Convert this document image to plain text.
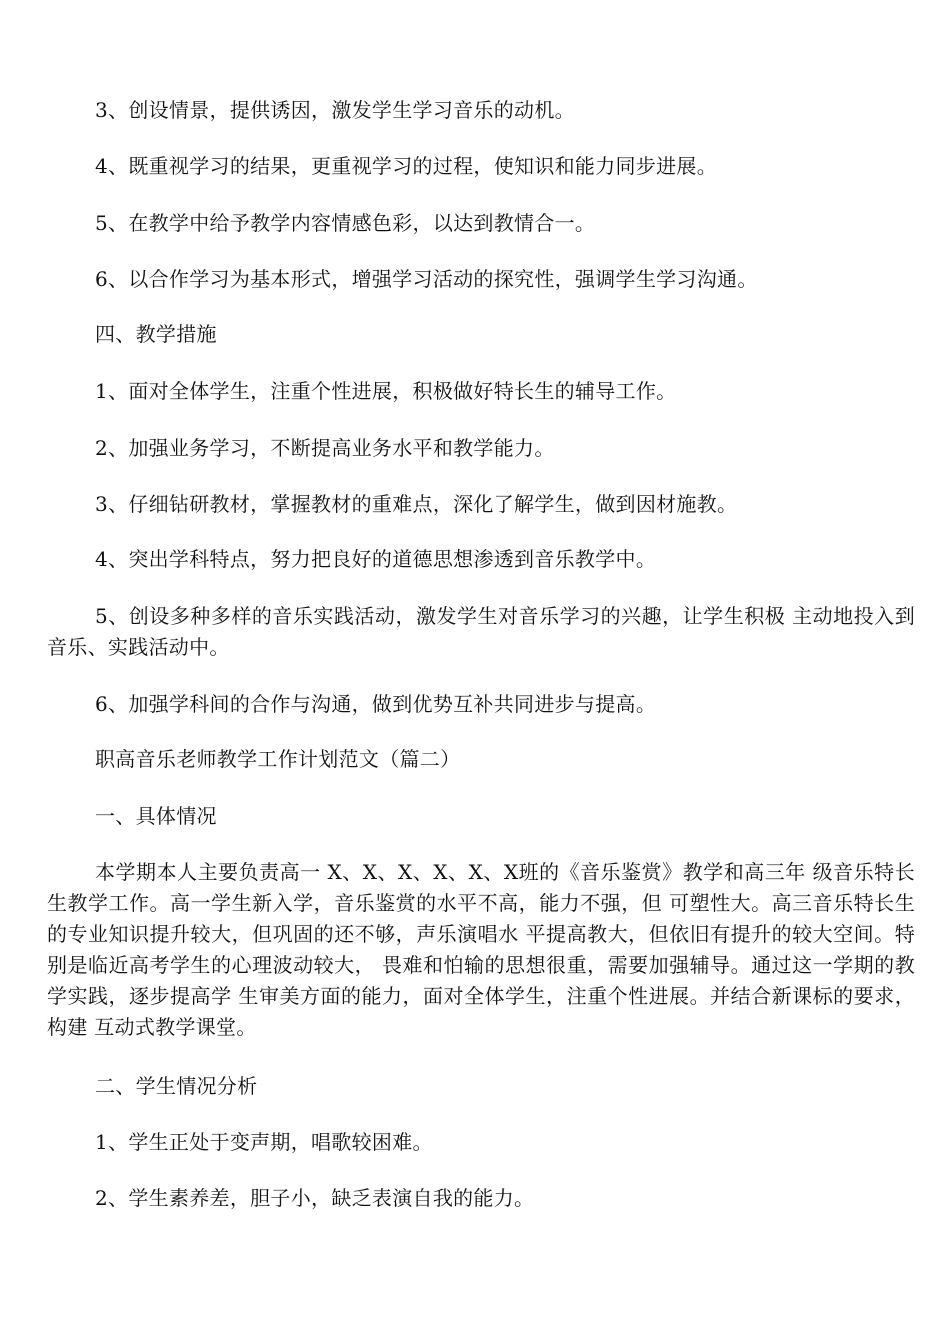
3、创设情景，提供诱因，激发学生学习音乐的动机。
4、既重视学习的结果，更重视学习的过程，使知识和能力同步进展。
5、在教学中给予教学内容情感色彩，以达到教情合一。
6、以合作学习为基本形式，增强学习活动的探究性，强调学生学习沟通。
四、教学措施
1、面对全体学生，注重个性进展，积极做好特长生的辅导工作。
2、加强业务学习，不断提高业务水平和教学能力。
3、仔细钻研教材，掌握教材的重难点，深化了解学生，做到因材施教。
4、突出学科特点，努力把良好的道德思想渗透到音乐教学中。
5、创设多种多样的音乐实践活动，激发学生对音乐学习的兴趣，让学生积极 主动地投入到音乐、实践活动中。
6、加强学科间的合作与沟通，做到优势互补共同进步与提高。
职高音乐老师教学工作计划范文（篇二）
一、具体情况
本学期本人主要负责高一 X、X、X、X、X、X班的《音乐鉴赏》教学和高三年 级音乐特长生教学工作。高一学生新入学，音乐鉴赏的水平不高，能力不强，但 可塑性大。高三音乐特长生的专业知识提升较大，但巩固的还不够，声乐演唱水 平提高教大，但依旧有提升的较大空间。特别是临近高考学生的心理波动较大， 畏难和怕输的思想很重，需要加强辅导。通过这一学期的教学实践，逐步提高学 生审美方面的能力，面对全体学生，注重个性进展。并结合新课标的要求，构建 互动式教学课堂。
二、学生情况分析
1、学生正处于变声期，唱歌较困难。
2、学生素养差，胆子小，缺乏表演自我的能力。
